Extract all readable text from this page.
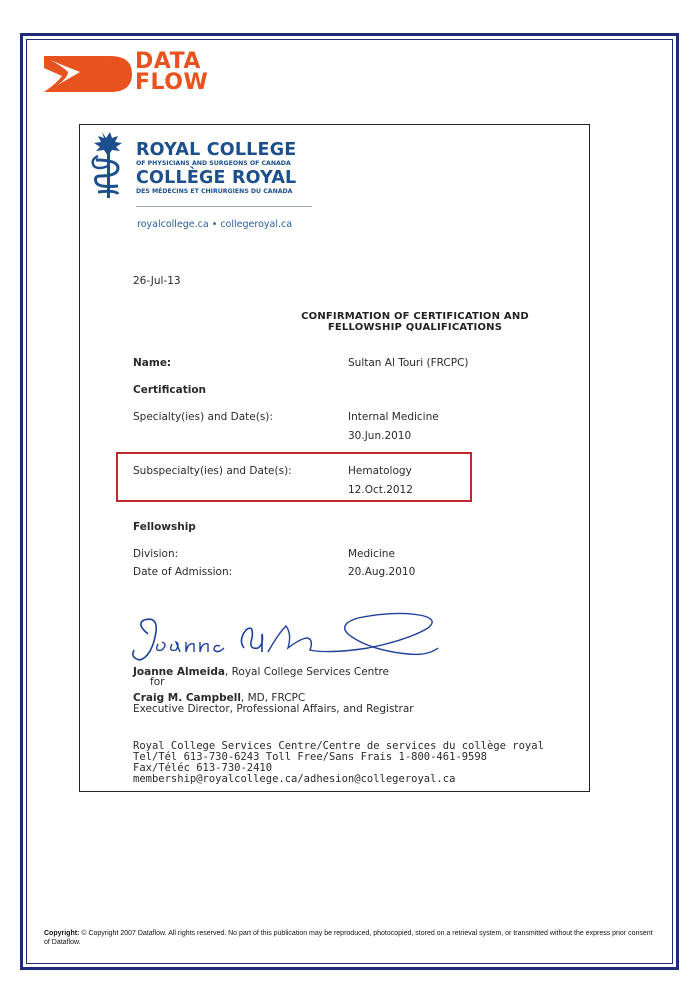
DATA
FLOW
ROYAL COLLEGE
OF PHYSICIANS AND SURGEONS OF CANADA
COLLÈGE ROYAL
DES MÉDECINS ET CHIRURGIENS DU CANADA
royalcollege.ca • collegeroyal.ca
26-Jul-13
CONFIRMATION OF CERTIFICATION AND
FELLOWSHIP QUALIFICATIONS
Name:	Sultan Al Touri (FRCPC)
Certification
Specialty(ies) and Date(s):	Internal Medicine
30.Jun.2010
Subspecialty(ies) and Date(s):	Hematology
12.Oct.2012
Fellowship
Division:	Medicine
Date of Admission:	20.Aug.2010
Joanne Almeida, Royal College Services Centre
for
Craig M. Campbell, MD, FRCPC
Executive Director, Professional Affairs, and Registrar
Royal College Services Centre/Centre de services du collège royal
Tel/Tél 613-730-6243 Toll Free/Sans Frais 1-800-461-9598
Fax/Téléc 613-730-2410
membership@royalcollege.ca/adhesion@collegeroyal.ca
Copyright: © Copyright 2007 Dataflow. All rights reserved. No part of this publication may be reproduced, photocopied, stored on a retrieval system, or transmitted without the express prior consent of Dataflow.
